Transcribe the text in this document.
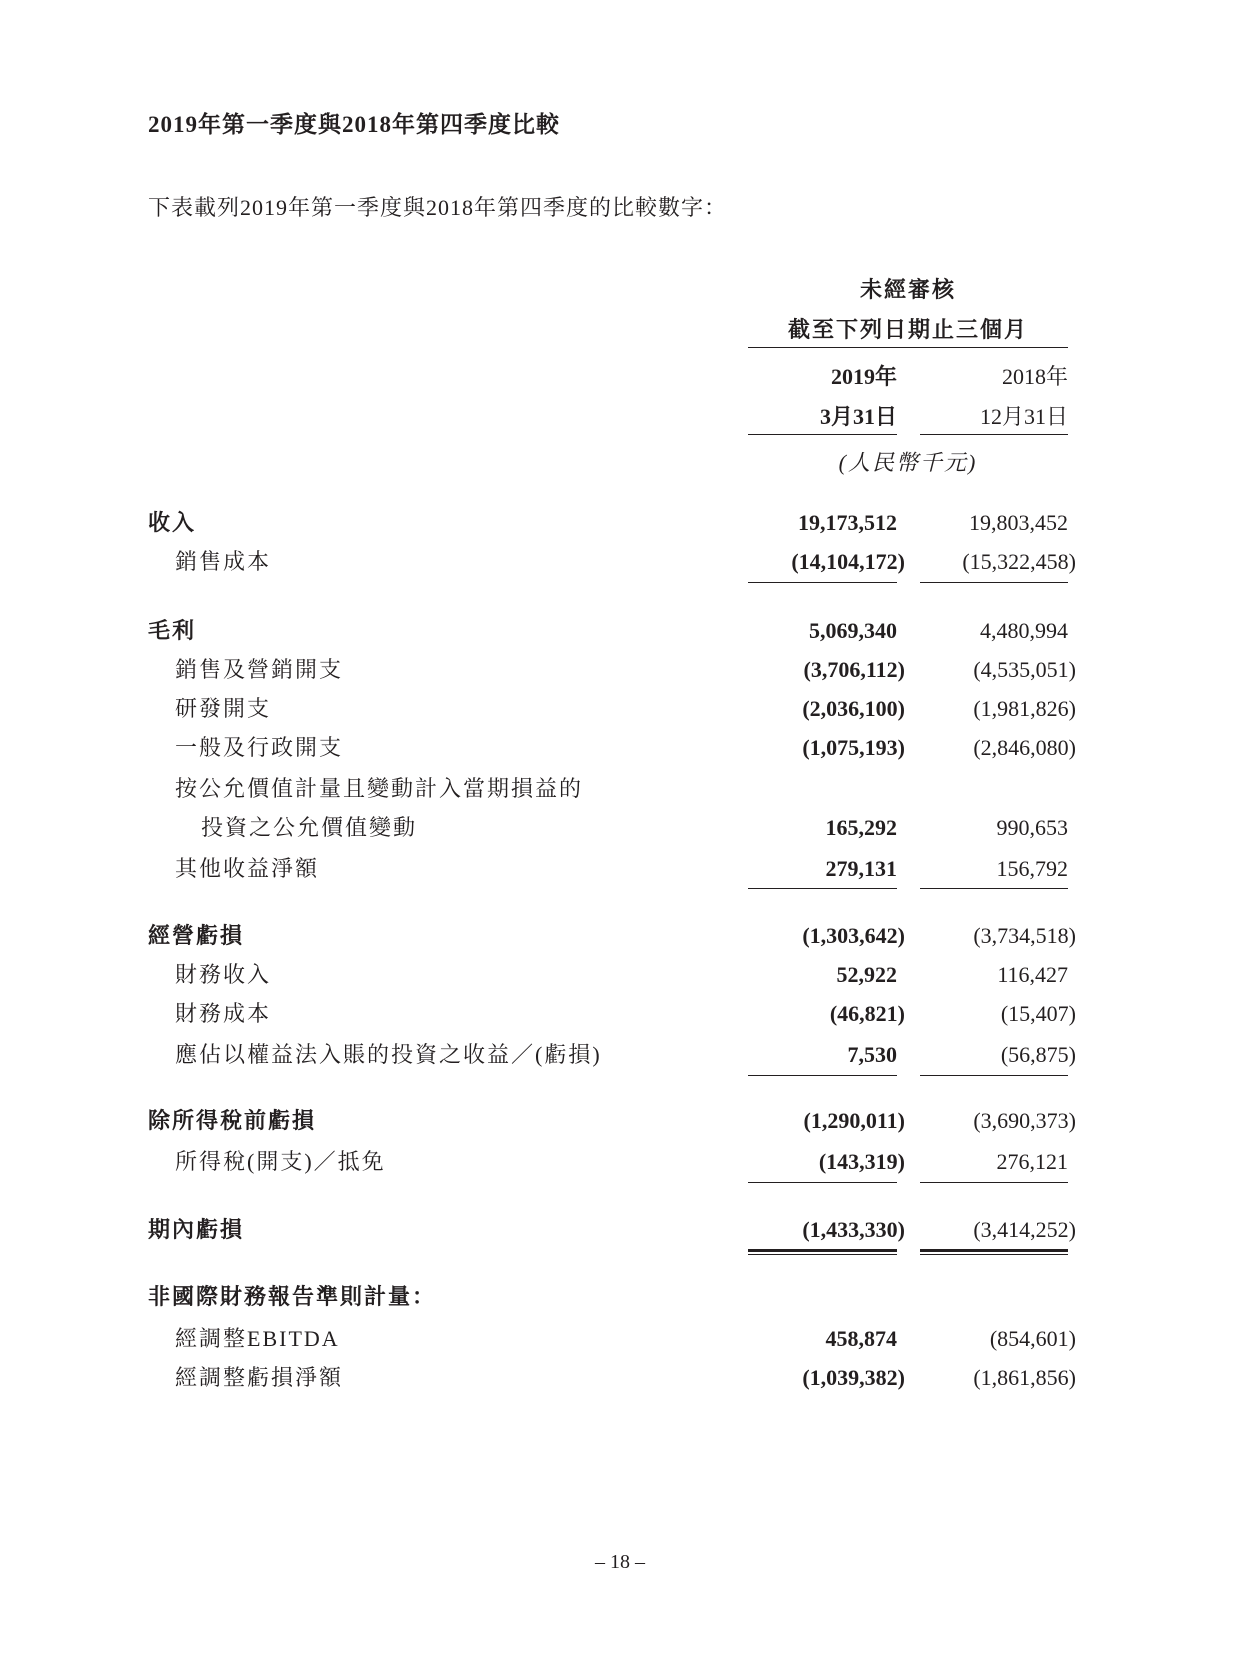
2019年第一季度與2018年第四季度比較
下表載列2019年第一季度與2018年第四季度的比較數字：
未經審核
截至下列日期止三個月
2019年	2018年
3月31日	12月31日
(人民幣千元)
收入	19,173,512	19,803,452
銷售成本	(14,104,172)	(15,322,458)
毛利	5,069,340	4,480,994
銷售及營銷開支	(3,706,112)	(4,535,051)
研發開支	(2,036,100)	(1,981,826)
一般及行政開支	(1,075,193)	(2,846,080)
按公允價值計量且變動計入當期損益的
投資之公允價值變動	165,292	990,653
其他收益淨額	279,131	156,792
經營虧損	(1,303,642)	(3,734,518)
財務收入	52,922	116,427
財務成本	(46,821)	(15,407)
應佔以權益法入賬的投資之收益／(虧損)	7,530	(56,875)
除所得稅前虧損	(1,290,011)	(3,690,373)
所得稅(開支)／抵免	(143,319)	276,121
期內虧損	(1,433,330)	(3,414,252)
非國際財務報告準則計量：
經調整EBITDA	458,874	(854,601)
經調整虧損淨額	(1,039,382)	(1,861,856)
– 18 –
